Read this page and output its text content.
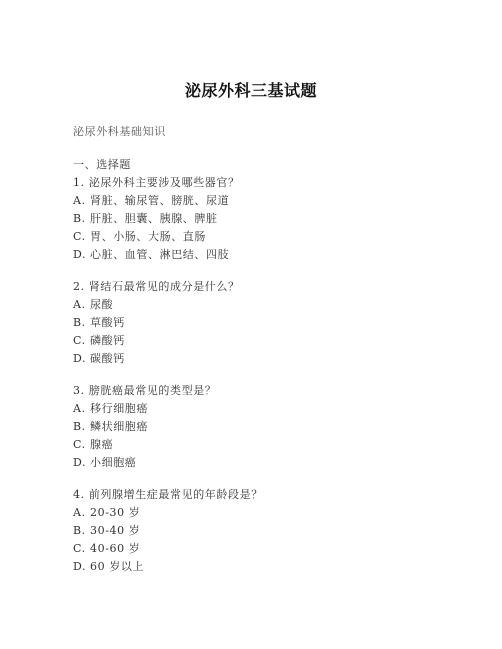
泌尿外科三基试题
泌尿外科基础知识
一、选择题
1. 泌尿外科主要涉及哪些器官？
A. 肾脏、输尿管、膀胱、尿道
B. 肝脏、胆囊、胰腺、脾脏
C. 胃、小肠、大肠、直肠
D. 心脏、血管、淋巴结、四肢
2. 肾结石最常见的成分是什么？
A. 尿酸
B. 草酸钙
C. 磷酸钙
D. 碳酸钙
3. 膀胱癌最常见的类型是？
A. 移行细胞癌
B. 鳞状细胞癌
C. 腺癌
D. 小细胞癌
4. 前列腺增生症最常见的年龄段是？
A. 20-30 岁
B. 30-40 岁
C. 40-60 岁
D. 60 岁以上
